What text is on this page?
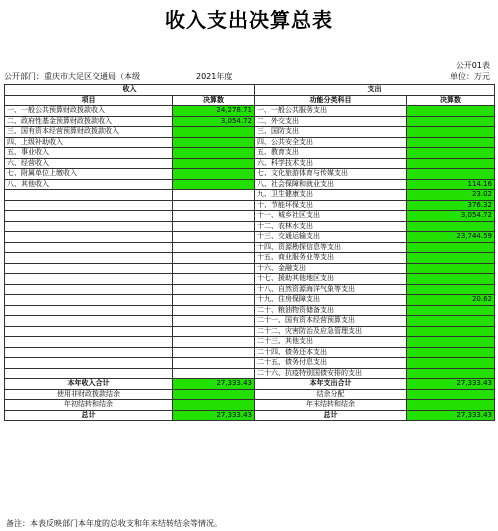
收入支出决算总表
公开01表
公开部门：重庆市大足区交通局（本级	2021年度	单位：万元
收入		支出	
项目	决算数	功能分类科目	决算数
一、一般公共预算财政拨款收入	24,278.71	一、一般公共服务支出	
二、政府性基金预算财政拨款收入	3,054.72	二、外交支出	
三、国有资本经营预算财政拨款收入		三、国防支出	
四、上级补助收入		四、公共安全支出	
五、事业收入		五、教育支出	
六、经营收入		六、科学技术支出	
七、附属单位上缴收入		七、文化旅游体育与传媒支出	
八、其他收入		八、社会保障和就业支出	114.16
		九、卫生健康支出	23.02
		十、节能环保支出	376.32
		十一、城乡社区支出	3,054.72
		十二、农林水支出	
		十三、交通运输支出	23,744.59
		十四、资源勘探信息等支出	
		十五、商业服务业等支出	
		十六、金融支出	
		十七、援助其他地区支出	
		十八、自然资源海洋气象等支出	
		十九、住房保障支出	20.62
		二十、粮油物资储备支出	
		二十一、国有资本经营预算支出	
		二十二、灾害防治及应急管理支出	
		二十三、其他支出	
		二十四、债务还本支出	
		二十五、债务付息支出	
		二十六、抗疫特别国债安排的支出	
本年收入合计	27,333.43	本年支出合计	27,333.43
使用非财政拨款结余		结余分配	
年初结转和结余		年末结转和结余	
总计	27,333.43	总计	27,333.43
备注：本表反映部门本年度的总收支和年末结转结余等情况。
